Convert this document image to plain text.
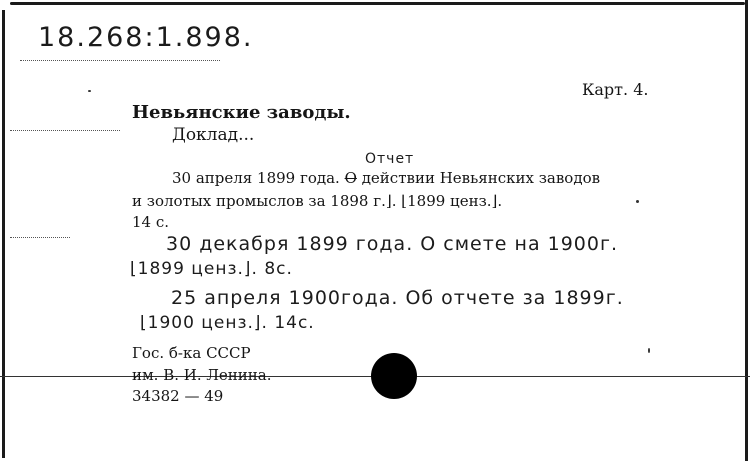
18.268:1.898.
Карт. 4.
Невьянские заводы.
Доклад...
Отчет
30 апреля 1899 года. О действии Невьянских заводов
и золотых промыслов за 1898 г.⌋. ⌊1899 ценз.⌋.
14 с.
30 декабря 1899 года. О смете на 1900г.
⌊1899 ценз.⌋. 8с.
25 апреля 1900года. Об отчете за 1899г.
⌊1900 ценз.⌋. 14с.
Гос. б-ка СССР
им. В. И. Ленина.
34382 — 49
